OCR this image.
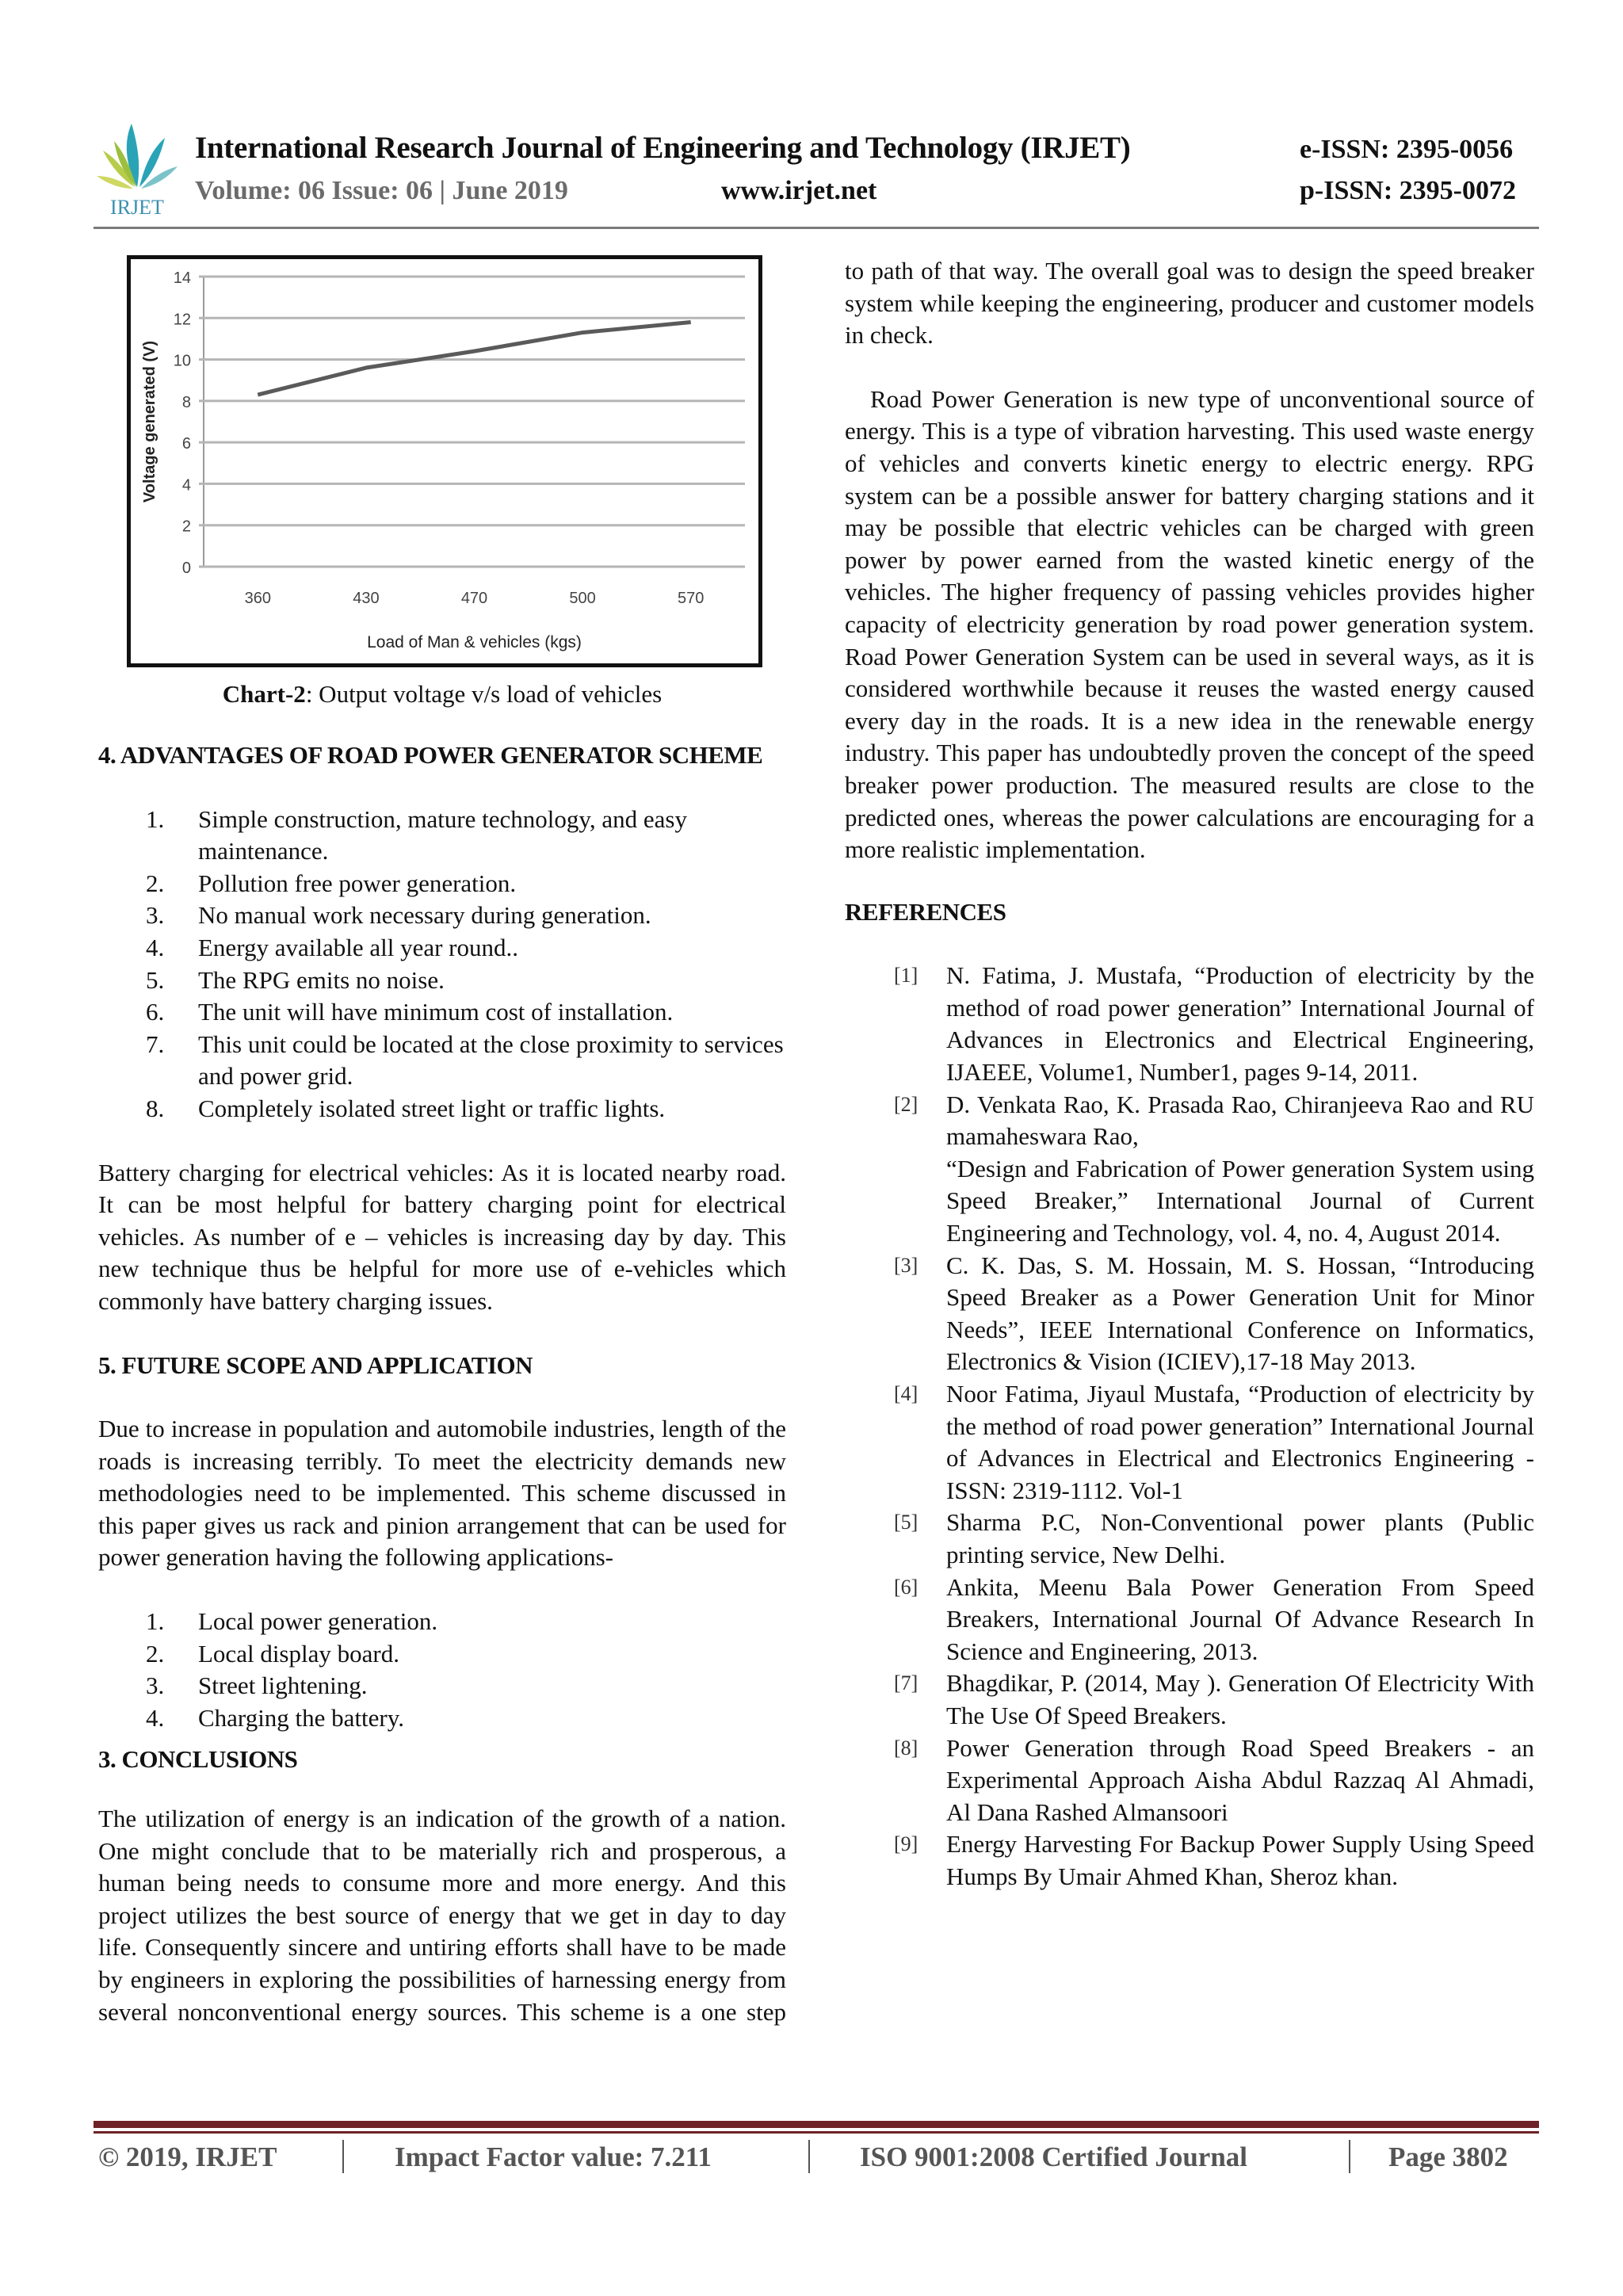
IRJET
International Research Journal of Engineering and Technology (IRJET)	e-ISSN: 2395-0056
Volume: 06 Issue: 06 | June 2019	www.irjet.net	p-ISSN: 2395-0072
0
2
4
6
8
10
12
14
360	430	470	500	570
Load of Man & vehicles (kgs)
Voltage generated (V)
Chart-2: Output voltage v/s load of vehicles
4. ADVANTAGES OF ROAD POWER GENERATOR SCHEME
1. Simple construction, mature technology, and easy maintenance.
2. Pollution free power generation.
3. No manual work necessary during generation.
4. Energy available all year round..
5. The RPG emits no noise.
6. The unit will have minimum cost of installation.
7. This unit could be located at the close proximity to services and power grid.
8. Completely isolated street light or traffic lights.

Battery charging for electrical vehicles: As it is located nearby road. It can be most helpful for battery charging point for electrical vehicles. As number of e – vehicles is increasing day by day. This new technique thus be helpful for more use of e-vehicles which commonly have battery charging issues.

5. FUTURE SCOPE AND APPLICATION

Due to increase in population and automobile industries, length of the roads is increasing terribly. To meet the electricity demands new methodologies need to be implemented. This scheme discussed in this paper gives us rack and pinion arrangement that can be used for power generation having the following applications-

1. Local power generation.
2. Local display board.
3. Street lightening.
4. Charging the battery.
3. CONCLUSIONS

The utilization of energy is an indication of the growth of a nation. One might conclude that to be materially rich and prosperous, a human being needs to consume more and more energy. And this project utilizes the best source of energy that we get in day to day life. Consequently sincere and untiring efforts shall have to be made by engineers in exploring the possibilities of harnessing energy from several nonconventional energy sources. This scheme is a one step

to path of that way. The overall goal was to design the speed breaker system while keeping the engineering, producer and customer models in check.

Road Power Generation is new type of unconventional source of energy. This is a type of vibration harvesting. This used waste energy of vehicles and converts kinetic energy to electric energy. RPG system can be a possible answer for battery charging stations and it may be possible that electric vehicles can be charged with green power by power earned from the wasted kinetic energy of the vehicles. The higher frequency of passing vehicles provides higher capacity of electricity generation by road power generation system. Road Power Generation System can be used in several ways, as it is considered worthwhile because it reuses the wasted energy caused every day in the roads. It is a new idea in the renewable energy industry. This paper has undoubtedly proven the concept of the speed breaker power production. The measured results are close to the predicted ones, whereas the power calculations are encouraging for a more realistic implementation.

REFERENCES
[1] N. Fatima, J. Mustafa, “Production of electricity by the method of road power generation” International Journal of Advances in Electronics and Electrical Engineering, IJAEEE, Volume1, Number1, pages 9-14, 2011.
[2] D. Venkata Rao, K. Prasada Rao, Chiranjeeva Rao and RU mamaheswara Rao,
“Design and Fabrication of Power generation System using Speed Breaker,” International Journal of Current Engineering and Technology, vol. 4, no. 4, August 2014.
[3] C. K. Das, S. M. Hossain, M. S. Hossan, “Introducing Speed Breaker as a Power Generation Unit for Minor Needs”, IEEE International Conference on Informatics, Electronics & Vision (ICIEV),17-18 May 2013.
[4] Noor Fatima, Jiyaul Mustafa, “Production of electricity by the method of road power generation” International Journal of Advances in Electrical and Electronics Engineering - ISSN: 2319-1112. Vol-1
[5] Sharma P.C, Non-Conventional power plants (Public printing service, New Delhi.
[6] Ankita, Meenu Bala Power Generation From Speed Breakers, International Journal Of Advance Research In Science and Engineering, 2013.
[7] Bhagdikar, P. (2014, May ). Generation Of Electricity With The Use Of Speed Breakers.
[8] Power Generation through Road Speed Breakers - an Experimental Approach Aisha Abdul Razzaq Al Ahmadi, Al Dana Rashed Almansoori
[9] Energy Harvesting For Backup Power Supply Using Speed Humps By Umair Ahmed Khan, Sheroz khan.
© 2019, IRJET	Impact Factor value: 7.211	ISO 9001:2008 Certified Journal	Page 3802
